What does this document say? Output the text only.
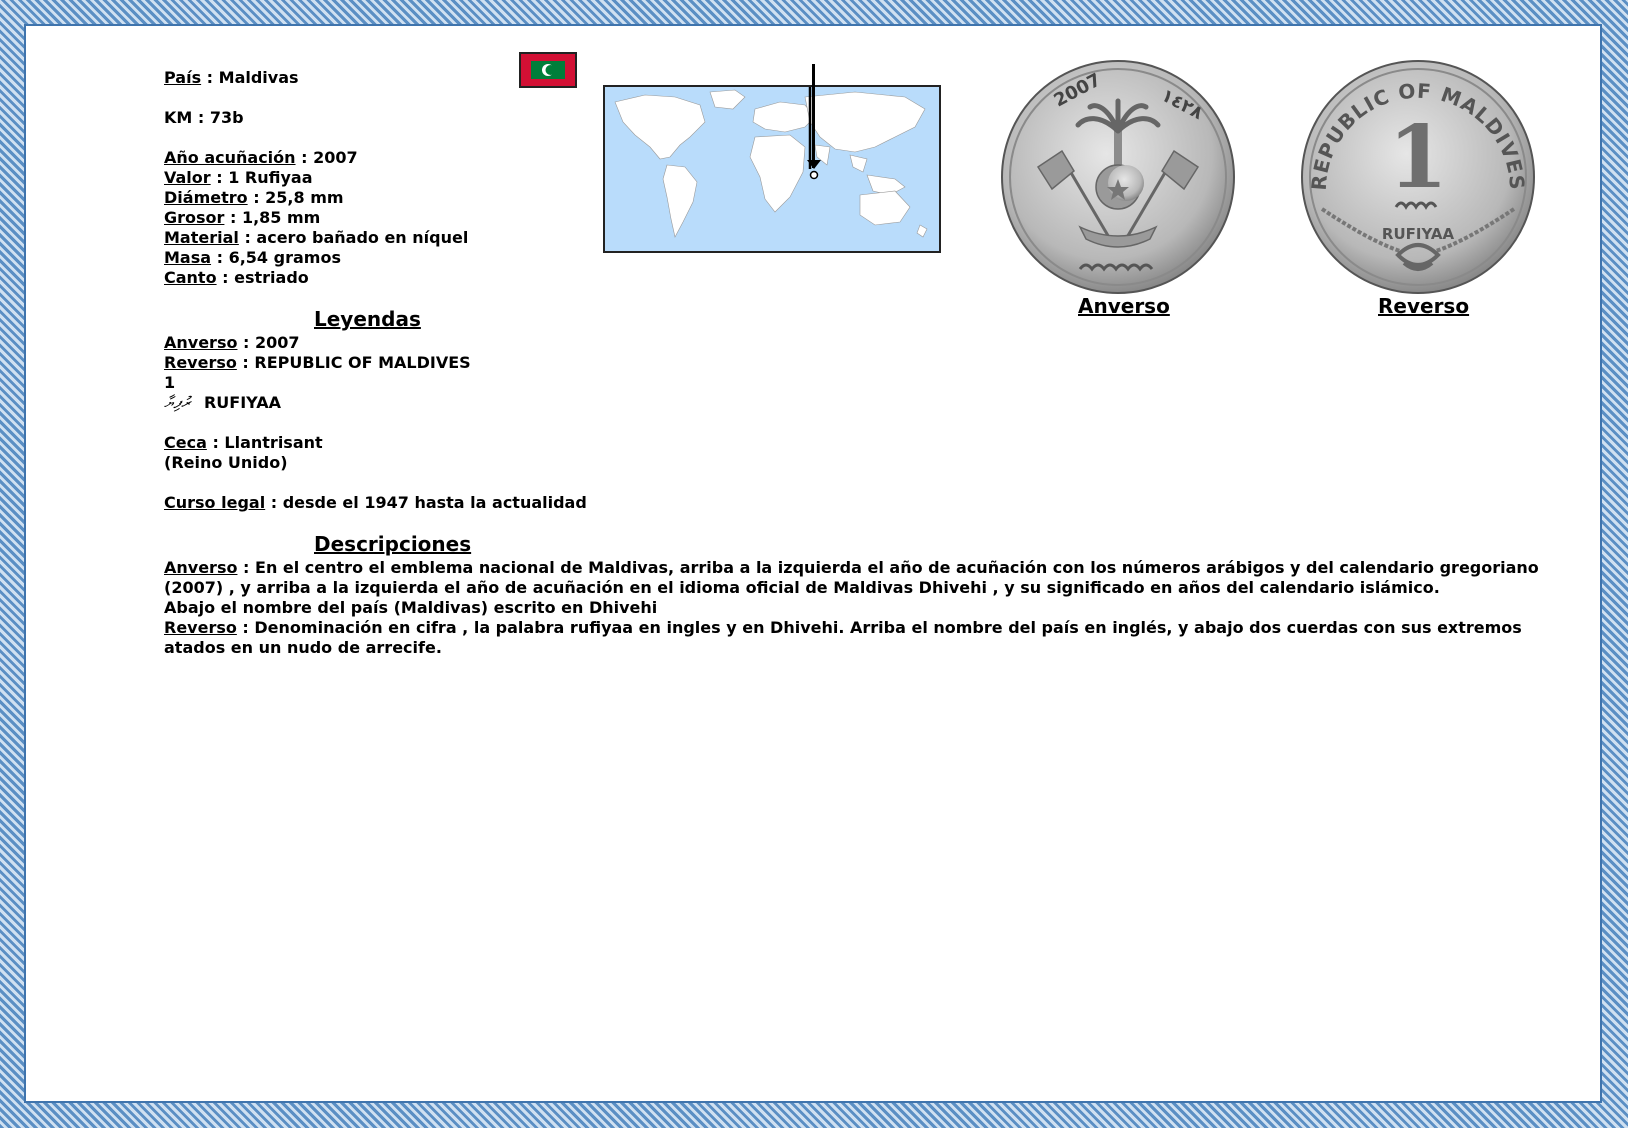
País : Maldivas
KM : 73b
Año acuñación : 2007
Valor : 1 Rufiyaa
Diámetro : 25,8 mm
Grosor : 1,85 mm
Material : acero bañado en níquel
Masa : 6,54 gramos
Canto : estriado
Leyendas
Anverso : 2007
Reverso : REPUBLIC OF MALDIVES
1
ރުފިޔާ RUFIYAA
Ceca : Llantrisant
(Reino Unido)
Curso legal : desde el 1947 hasta la actualidad
Descripciones
Anverso : En el centro el emblema nacional de Maldivas, arriba a la izquierda el año de acuñación con los números arábigos y del calendario gregoriano (2007) , y arriba a la izquierda el año de acuñación en el idioma oficial de Maldivas Dhivehi , y su significado en años del calendario islámico.
Abajo el nombre del país (Maldivas) escrito en Dhivehi
Reverso : Denominación en cifra , la palabra rufiyaa en ingles y en Dhivehi. Arriba el nombre del país en inglés, y abajo dos cuerdas con sus extremos atados en un nudo de arrecife.
2007	١٤٢٨
Anverso
REPUBLIC OF MALDIVES
1
RUFIYAA
Reverso
